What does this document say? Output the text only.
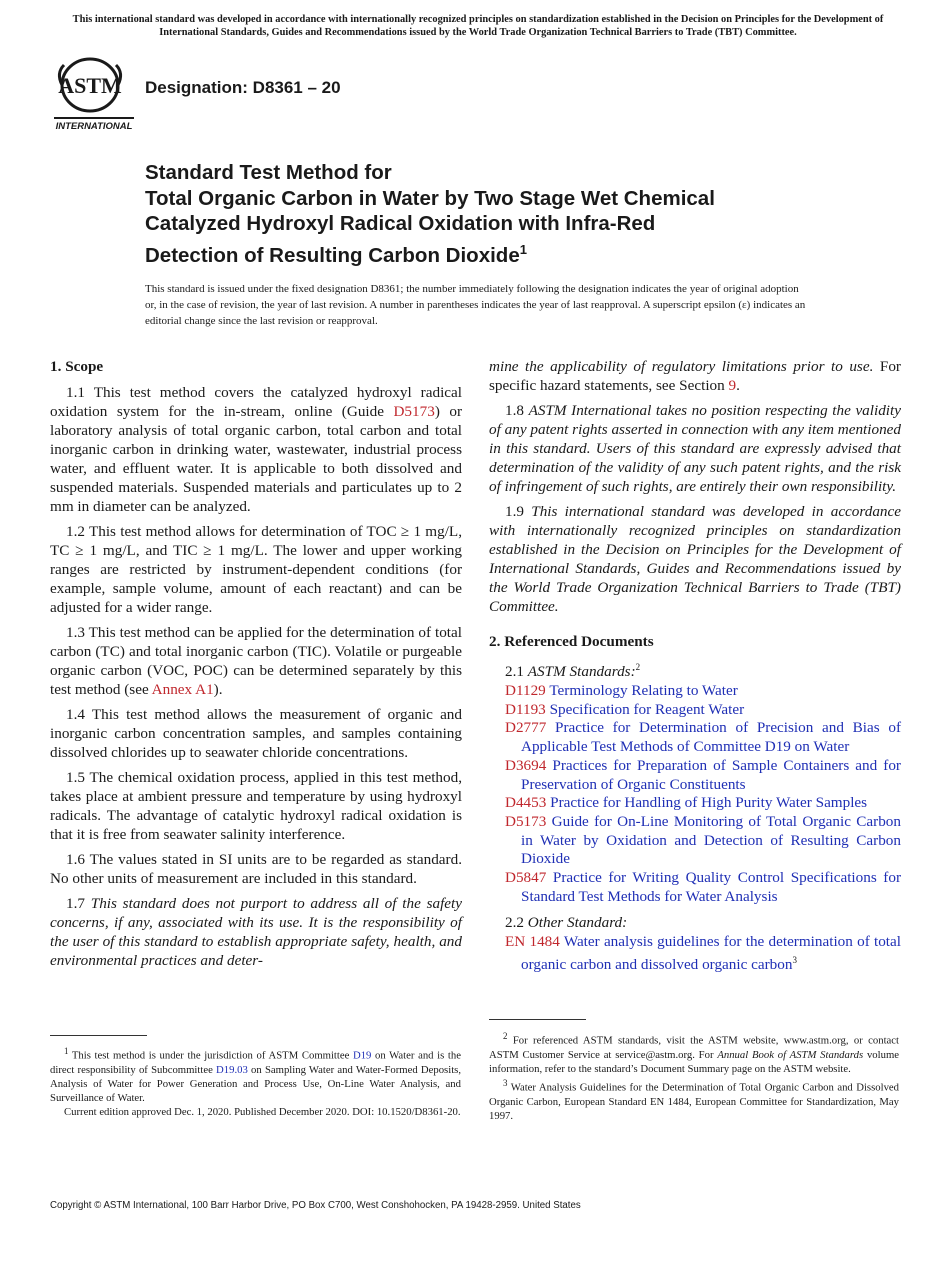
This international standard was developed in accordance with internationally recognized principles on standardization established in the Decision on Principles for the Development of International Standards, Guides and Recommendations issued by the World Trade Organization Technical Barriers to Trade (TBT) Committee.
ASTM
INTERNATIONAL
Designation: D8361 – 20
Standard Test Method for
Total Organic Carbon in Water by Two Stage Wet Chemical
Catalyzed Hydroxyl Radical Oxidation with Infra-Red
Detection of Resulting Carbon Dioxide$^1$
This standard is issued under the fixed designation D8361; the number immediately following the designation indicates the year of original adoption or, in the case of revision, the year of last revision. A number in parentheses indicates the year of last reapproval. A superscript epsilon (ε) indicates an editorial change since the last revision or reapproval.
1. Scope

1.1 This test method covers the catalyzed hydroxyl radical oxidation system for the in-stream, online (Guide D5173) or laboratory analysis of total organic carbon, total carbon and total inorganic carbon in drinking water, wastewater, industrial process water, and effluent water. It is applicable to both dissolved and suspended materials. Suspended materials and particulates up to 2 mm in diameter can be analyzed.

1.2 This test method allows for determination of TOC ≥ 1 mg/L, TC ≥ 1 mg/L, and TIC ≥ 1 mg/L. The lower and upper working ranges are restricted by instrument-dependent conditions (for example, sample volume, amount of each reactant) and can be adjusted for a wider range.

1.3 This test method can be applied for the determination of total carbon (TC) and total inorganic carbon (TIC). Volatile or purgeable organic carbon (VOC, POC) can be determined separately by this test method (see Annex A1).

1.4 This test method allows the measurement of organic and inorganic carbon concentration samples, and samples containing dissolved chlorides up to seawater chloride concentrations.

1.5 The chemical oxidation process, applied in this test method, takes place at ambient pressure and temperature by using hydroxyl radicals. The advantage of catalytic hydroxyl radical oxidation is that it is free from seawater salinity interference.

1.6 The values stated in SI units are to be regarded as standard. No other units of measurement are included in this standard.

1.7 This standard does not purport to address all of the safety concerns, if any, associated with its use. It is the responsibility of the user of this standard to establish appropriate safety, health, and environmental practices and deter-

mine the applicability of regulatory limitations prior to use. For specific hazard statements, see Section 9.

1.8 ASTM International takes no position respecting the validity of any patent rights asserted in connection with any item mentioned in this standard. Users of this standard are expressly advised that determination of the validity of any such patent rights, and the risk of infringement of such rights, are entirely their own responsibility.

1.9 This international standard was developed in accordance with internationally recognized principles on standardization established in the Decision on Principles for the Development of International Standards, Guides and Recommendations issued by the World Trade Organization Technical Barriers to Trade (TBT) Committee.

2. Referenced Documents
2.1 ASTM Standards:$^2$
D1129 Terminology Relating to Water
D1193 Specification for Reagent Water
D2777 Practice for Determination of Precision and Bias of Applicable Test Methods of Committee D19 on Water
D3694 Practices for Preparation of Sample Containers and for Preservation of Organic Constituents
D4453 Practice for Handling of High Purity Water Samples
D5173 Guide for On-Line Monitoring of Total Organic Carbon in Water by Oxidation and Detection of Resulting Carbon Dioxide
D5847 Practice for Writing Quality Control Specifications for Standard Test Methods for Water Analysis
2.2 Other Standard:
EN 1484 Water analysis guidelines for the determination of total organic carbon and dissolved organic carbon$^3$

$^1$ This test method is under the jurisdiction of ASTM Committee D19 on Water and is the direct responsibility of Subcommittee D19.03 on Sampling Water and Water-Formed Deposits, Analysis of Water for Power Generation and Process Use, On-Line Water Analysis, and Surveillance of Water.

Current edition approved Dec. 1, 2020. Published December 2020. DOI: 10.1520/D8361-20.

$^2$ For referenced ASTM standards, visit the ASTM website, www.astm.org, or contact ASTM Customer Service at service@astm.org. For Annual Book of ASTM Standards volume information, refer to the standard’s Document Summary page on the ASTM website.

$^3$ Water Analysis Guidelines for the Determination of Total Organic Carbon and Dissolved Organic Carbon, European Standard EN 1484, European Committee for Standardization, May 1997.

Copyright © ASTM International, 100 Barr Harbor Drive, PO Box C700, West Conshohocken, PA 19428-2959. United States
